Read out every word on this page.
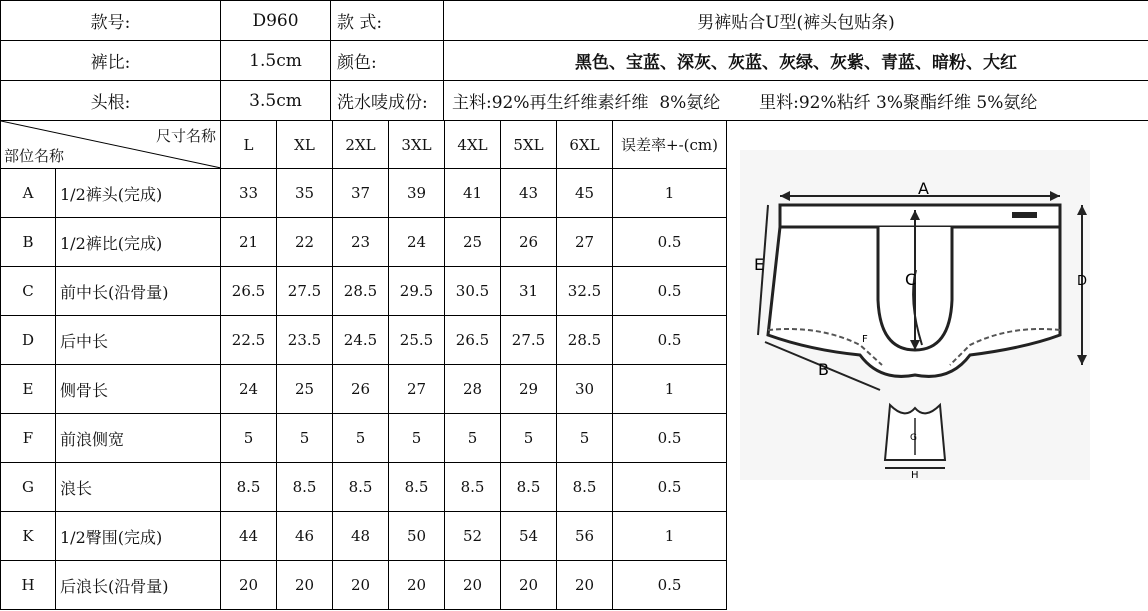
款号:	D960	款 式:	男裤贴合U型(裤头包贴条)
裤比:	1.5cm	颜色:	黑色、宝蓝、深灰、灰蓝、灰绿、灰紫、青蓝、暗粉、大红
头根:	3.5cm	洗水唛成份:	主料:92%再生纤维素纤维  8%氨纶 里料:92%粘纤 3%聚酯纤维 5%氨纶
尺寸名称
部位名称		L	XL	2XL	3XL	4XL	5XL	6XL	误差率+-(cm)
A	1/2裤头(完成)	33	35	37	39	41	43	45	1
B	1/2裤比(完成)	21	22	23	24	25	26	27	0.5
C	前中长(沿骨量)	26.5	27.5	28.5	29.5	30.5	31	32.5	0.5
D	后中长	22.5	23.5	24.5	25.5	26.5	27.5	28.5	0.5
E	侧骨长	24	25	26	27	28	29	30	1
F	前浪侧宽	5	5	5	5	5	5	5	0.5
G	浪长	8.5	8.5	8.5	8.5	8.5	8.5	8.5	0.5
K	1/2臀围(完成)	44	46	48	50	52	54	56	1
H	后浪长(沿骨量)	20	20	20	20	20	20	20	0.5
A
C	D
E
B
F
G
H
